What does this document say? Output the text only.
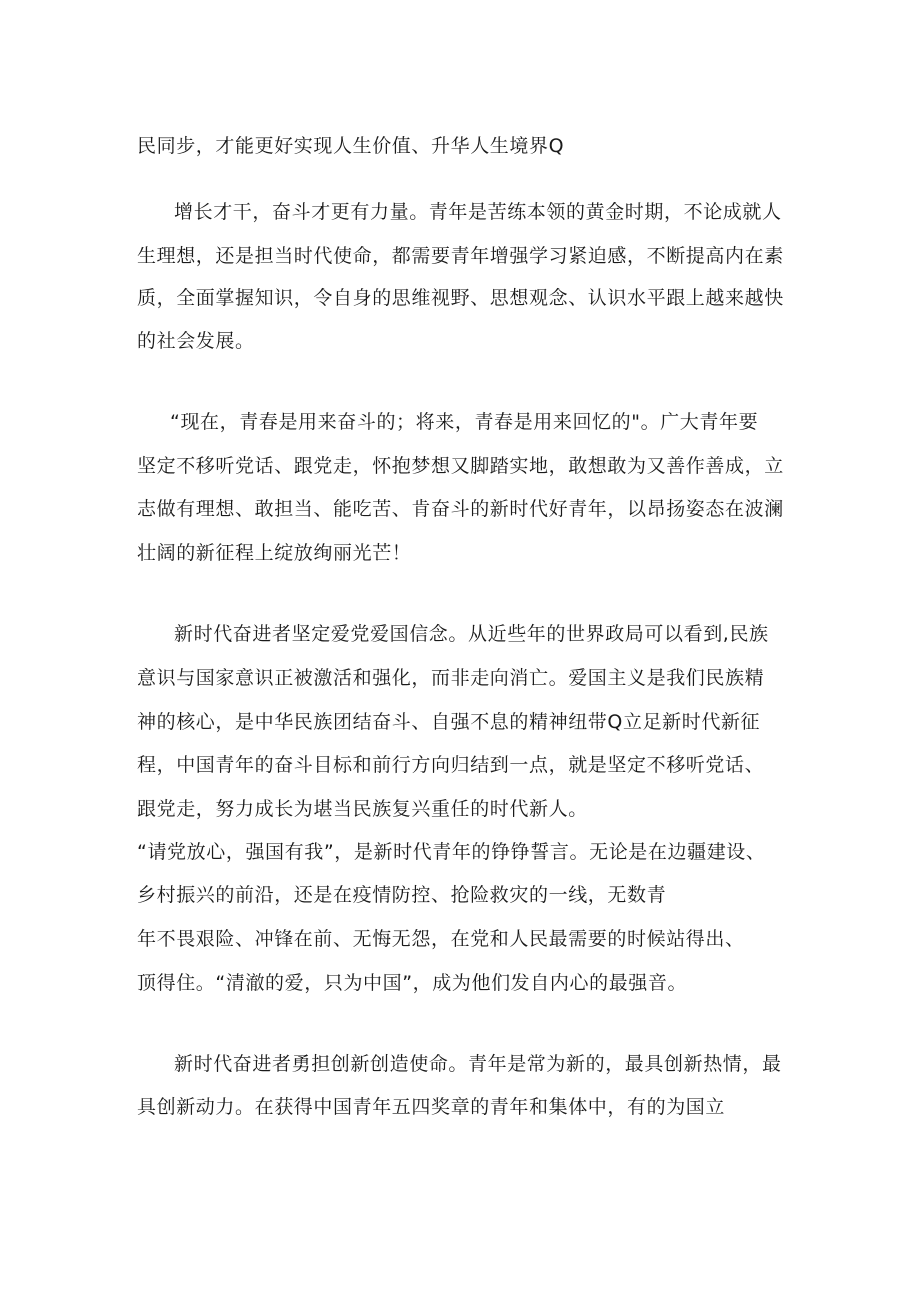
民同步，才能更好实现人生价值、升华人生境界Q
增长才干，奋斗才更有力量。青年是苦练本领的黄金时期，不论成就人
生理想，还是担当时代使命，都需要青年增强学习紧迫感，不断提高内在素
质，全面掌握知识，令自身的思维视野、思想观念、认识水平跟上越来越快
的社会发展。
“现在，青春是用来奋斗的；将来，青春是用来回忆的"。广大青年要
坚定不移听党话、跟党走，怀抱梦想又脚踏实地，敢想敢为又善作善成，立
志做有理想、敢担当、能吃苦、肯奋斗的新时代好青年，以昂扬姿态在波澜
壮阔的新征程上绽放绚丽光芒！
新时代奋进者坚定爱党爱国信念。从近些年的世界政局可以看到,民族
意识与国家意识正被激活和强化，而非走向消亡。爱国主义是我们民族精
神的核心，是中华民族团结奋斗、自强不息的精神纽带Q立足新时代新征
程，中国青年的奋斗目标和前行方向归结到一点，就是坚定不移听党话、
跟党走，努力成长为堪当民族复兴重任的时代新人。
“请党放心，强国有我”，是新时代青年的铮铮誓言。无论是在边疆建设、
乡村振兴的前沿，还是在疫情防控、抢险救灾的一线，无数青
年不畏艰险、冲锋在前、无悔无怨，在党和人民最需要的时候站得出、
顶得住。“清澈的爱，只为中国”，成为他们发自内心的最强音。
新时代奋进者勇担创新创造使命。青年是常为新的，最具创新热情，最
具创新动力。在获得中国青年五四奖章的青年和集体中，有的为国立
